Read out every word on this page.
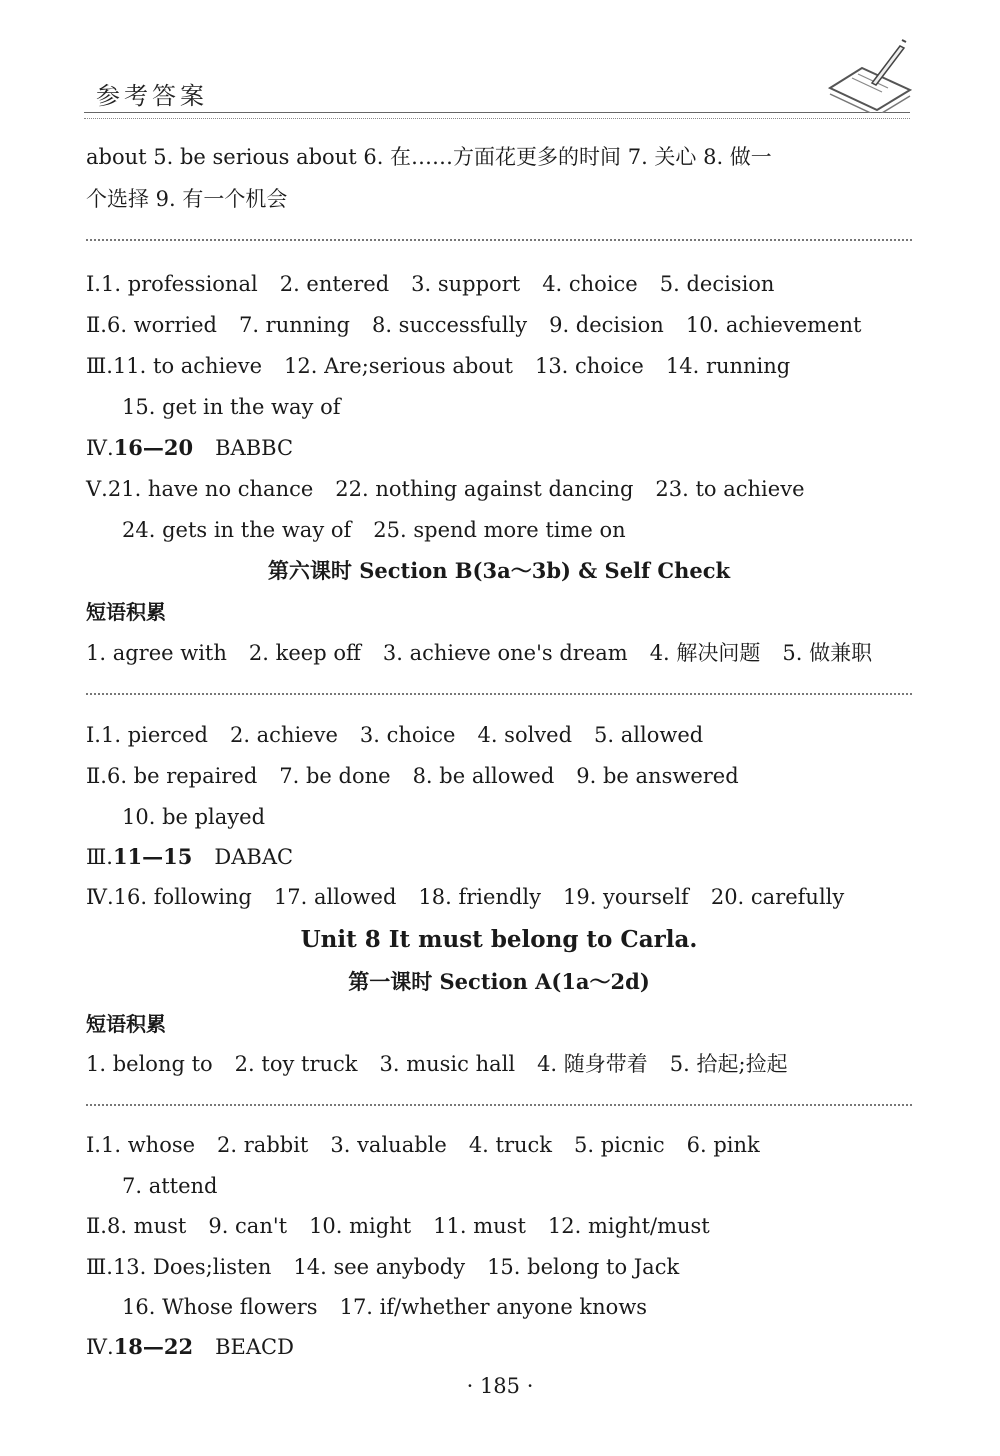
参考答案
about 5. be serious about 6. 在……方面花更多的时间 7. 关心 8. 做一
个选择 9. 有一个机会
Ⅰ.1. professional 2. entered 3. support 4. choice 5. decision
Ⅱ.6. worried 7. running 8. successfully 9. decision 10. achievement
Ⅲ.11. to achieve 12. Are;serious about 13. choice 14. running
15. get in the way of
Ⅳ.16—20 BABBC
Ⅴ.21. have no chance 22. nothing against dancing 23. to achieve
24. gets in the way of 25. spend more time on
第六课时 Section B(3a～3b) & Self Check
短语积累
1. agree with 2. keep off 3. achieve one's dream 4. 解决问题 5. 做兼职
Ⅰ.1. pierced 2. achieve 3. choice 4. solved 5. allowed
Ⅱ.6. be repaired 7. be done 8. be allowed 9. be answered
10. be played
Ⅲ.11—15 DABAC
Ⅳ.16. following 17. allowed 18. friendly 19. yourself 20. carefully
Unit 8 It must belong to Carla.
第一课时 Section A(1a～2d)
短语积累
1. belong to 2. toy truck 3. music hall 4. 随身带着 5. 拾起;捡起
Ⅰ.1. whose 2. rabbit 3. valuable 4. truck 5. picnic 6. pink
7. attend
Ⅱ.8. must 9. can't 10. might 11. must 12. might/must
Ⅲ.13. Does;listen 14. see anybody 15. belong to Jack
16. Whose flowers 17. if/whether anyone knows
Ⅳ.18—22 BEACD
· 185 ·
